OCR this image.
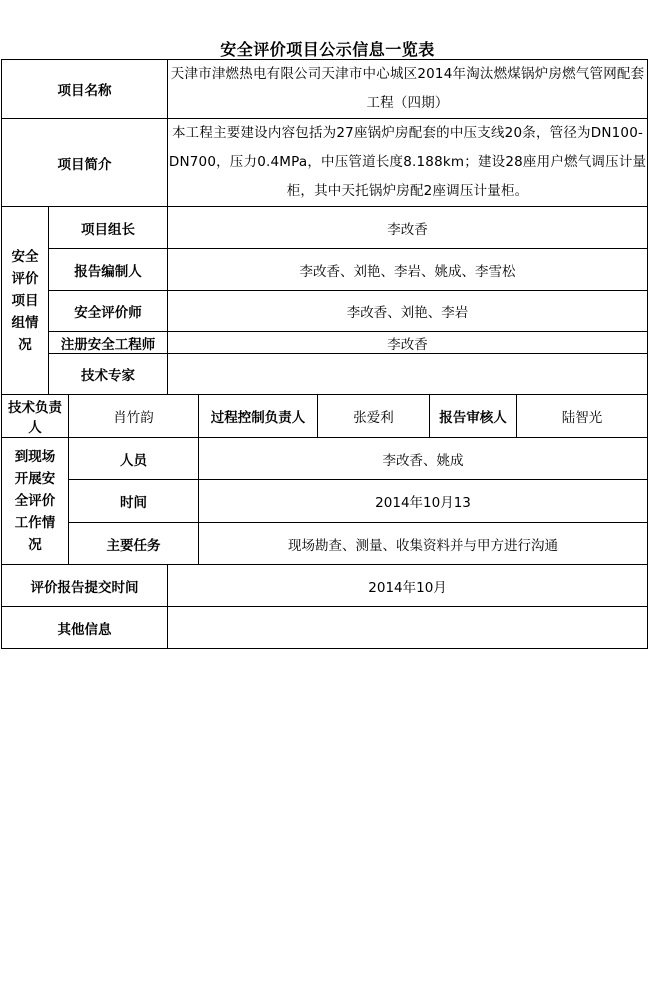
安全评价项目公示信息一览表
项目名称			天津市津燃热电有限公司天津市中心城区2014年淘汰燃煤锅炉房燃气管网配套工程（四期）				
项目简介			本工程主要建设内容包括为27座锅炉房配套的中压支线20条，管径为DN100-DN700，压力0.4MPa，中压管道长度8.188km；建设28座用户燃气调压计量柜，其中天托锅炉房配2座调压计量柜。				
安全评价项目组情况	项目组长		李改香				
	报告编制人		李改香、刘艳、李岩、姚成、李雪松				
	安全评价师		李改香、刘艳、李岩				
	注册安全工程师		李改香				
	技术专家						
技术负责人		肖竹韵		过程控制负责人	张爱利	报告审核人	陆智光
到现场开展安全评价工作情况		人员		李改香、姚成			
		时间		2014年10月13			
		主要任务		现场勘查、测量、收集资料并与甲方进行沟通			
评价报告提交时间			2014年10月				
其他信息							
